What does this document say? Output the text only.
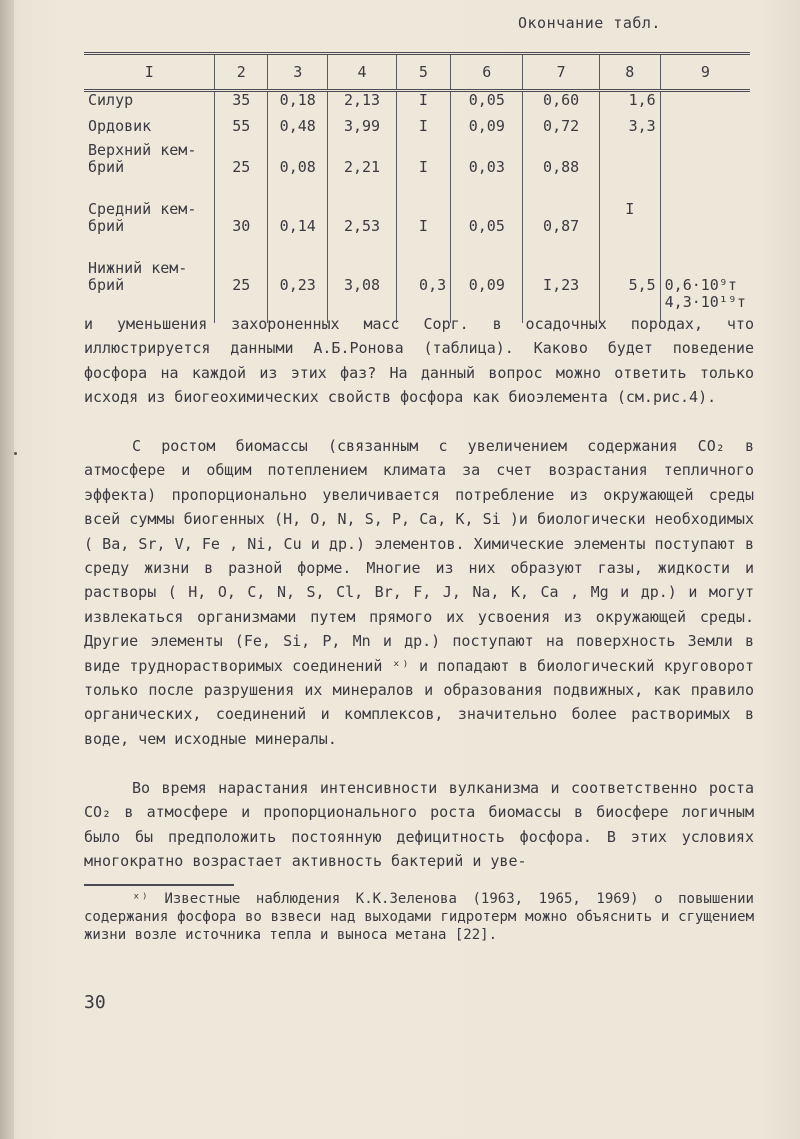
Окончание табл.
I	2	3	4	5	6	7	8	9
Силур	35	0,18	2,13	I	0,05	0,60	1,6	
Ордовик	55	0,48	3,99	I	0,09	0,72	3,3	

Верхний кем-
брий	25	0,08	2,21	I	0,03	0,88		

Средний кем-
брий	30	0,14	2,53	I	0,05	0,87	I	

Нижний кем-
брий	25	0,23	3,08	0,3	0,09	I,23	5,5	0,6·10⁹т
4,3·10¹⁹т
и уменьшения захороненных масс Сорг. в осадочных породах, что иллюстрируется данными А.Б.Ронова (таблица). Каково будет поведение фосфора на каждой из этих фаз? На данный вопрос можно ответить только исходя из биогеохимических свойств фосфора как биоэлемента (см.рис.4).
С ростом биомассы (связанным с увеличением содержания СО₂ в атмосфере и общим потеплением климата за счет возрастания тепличного эффекта) пропорционально увеличивается потребление из окружающей среды всей суммы биогенных (H, O, N, S, P, Ca, K, Si )и биологически необходимых ( Ba, Sr, V, Fe , Ni, Cu и др.) элементов. Химические элементы поступают в среду жизни в разной форме. Многие из них образуют газы, жидкости и растворы ( H, O, C, N, S, Cl, Br, F, J, Na, K, Ca , Mg и др.) и могут извлекаться организмами путем прямого их усвоения из окружающей среды. Другие элементы (Fe, Si, P, Mn и др.) поступают на поверхность Земли в виде труднорастворимых соединений ˣ⁾ и попадают в биологический круговорот только после разрушения их минералов и образования подвижных, как правило органических, соединений и комплексов, значительно более растворимых в воде, чем исходные минералы.
Во время нарастания интенсивности вулканизма и соответственно роста СО₂ в атмосфере и пропорционального роста биомассы в биосфере логичным было бы предположить постоянную дефицитность фосфора. В этих условиях многократно возрастает активность бактерий и уве-
ˣ⁾ Известные наблюдения К.К.Зеленова (1963, 1965, 1969) о повышении содержания фосфора во взвеси над выходами гидротерм можно объяснить и сгущением жизни возле источника тепла и выноса метана [22].
30
